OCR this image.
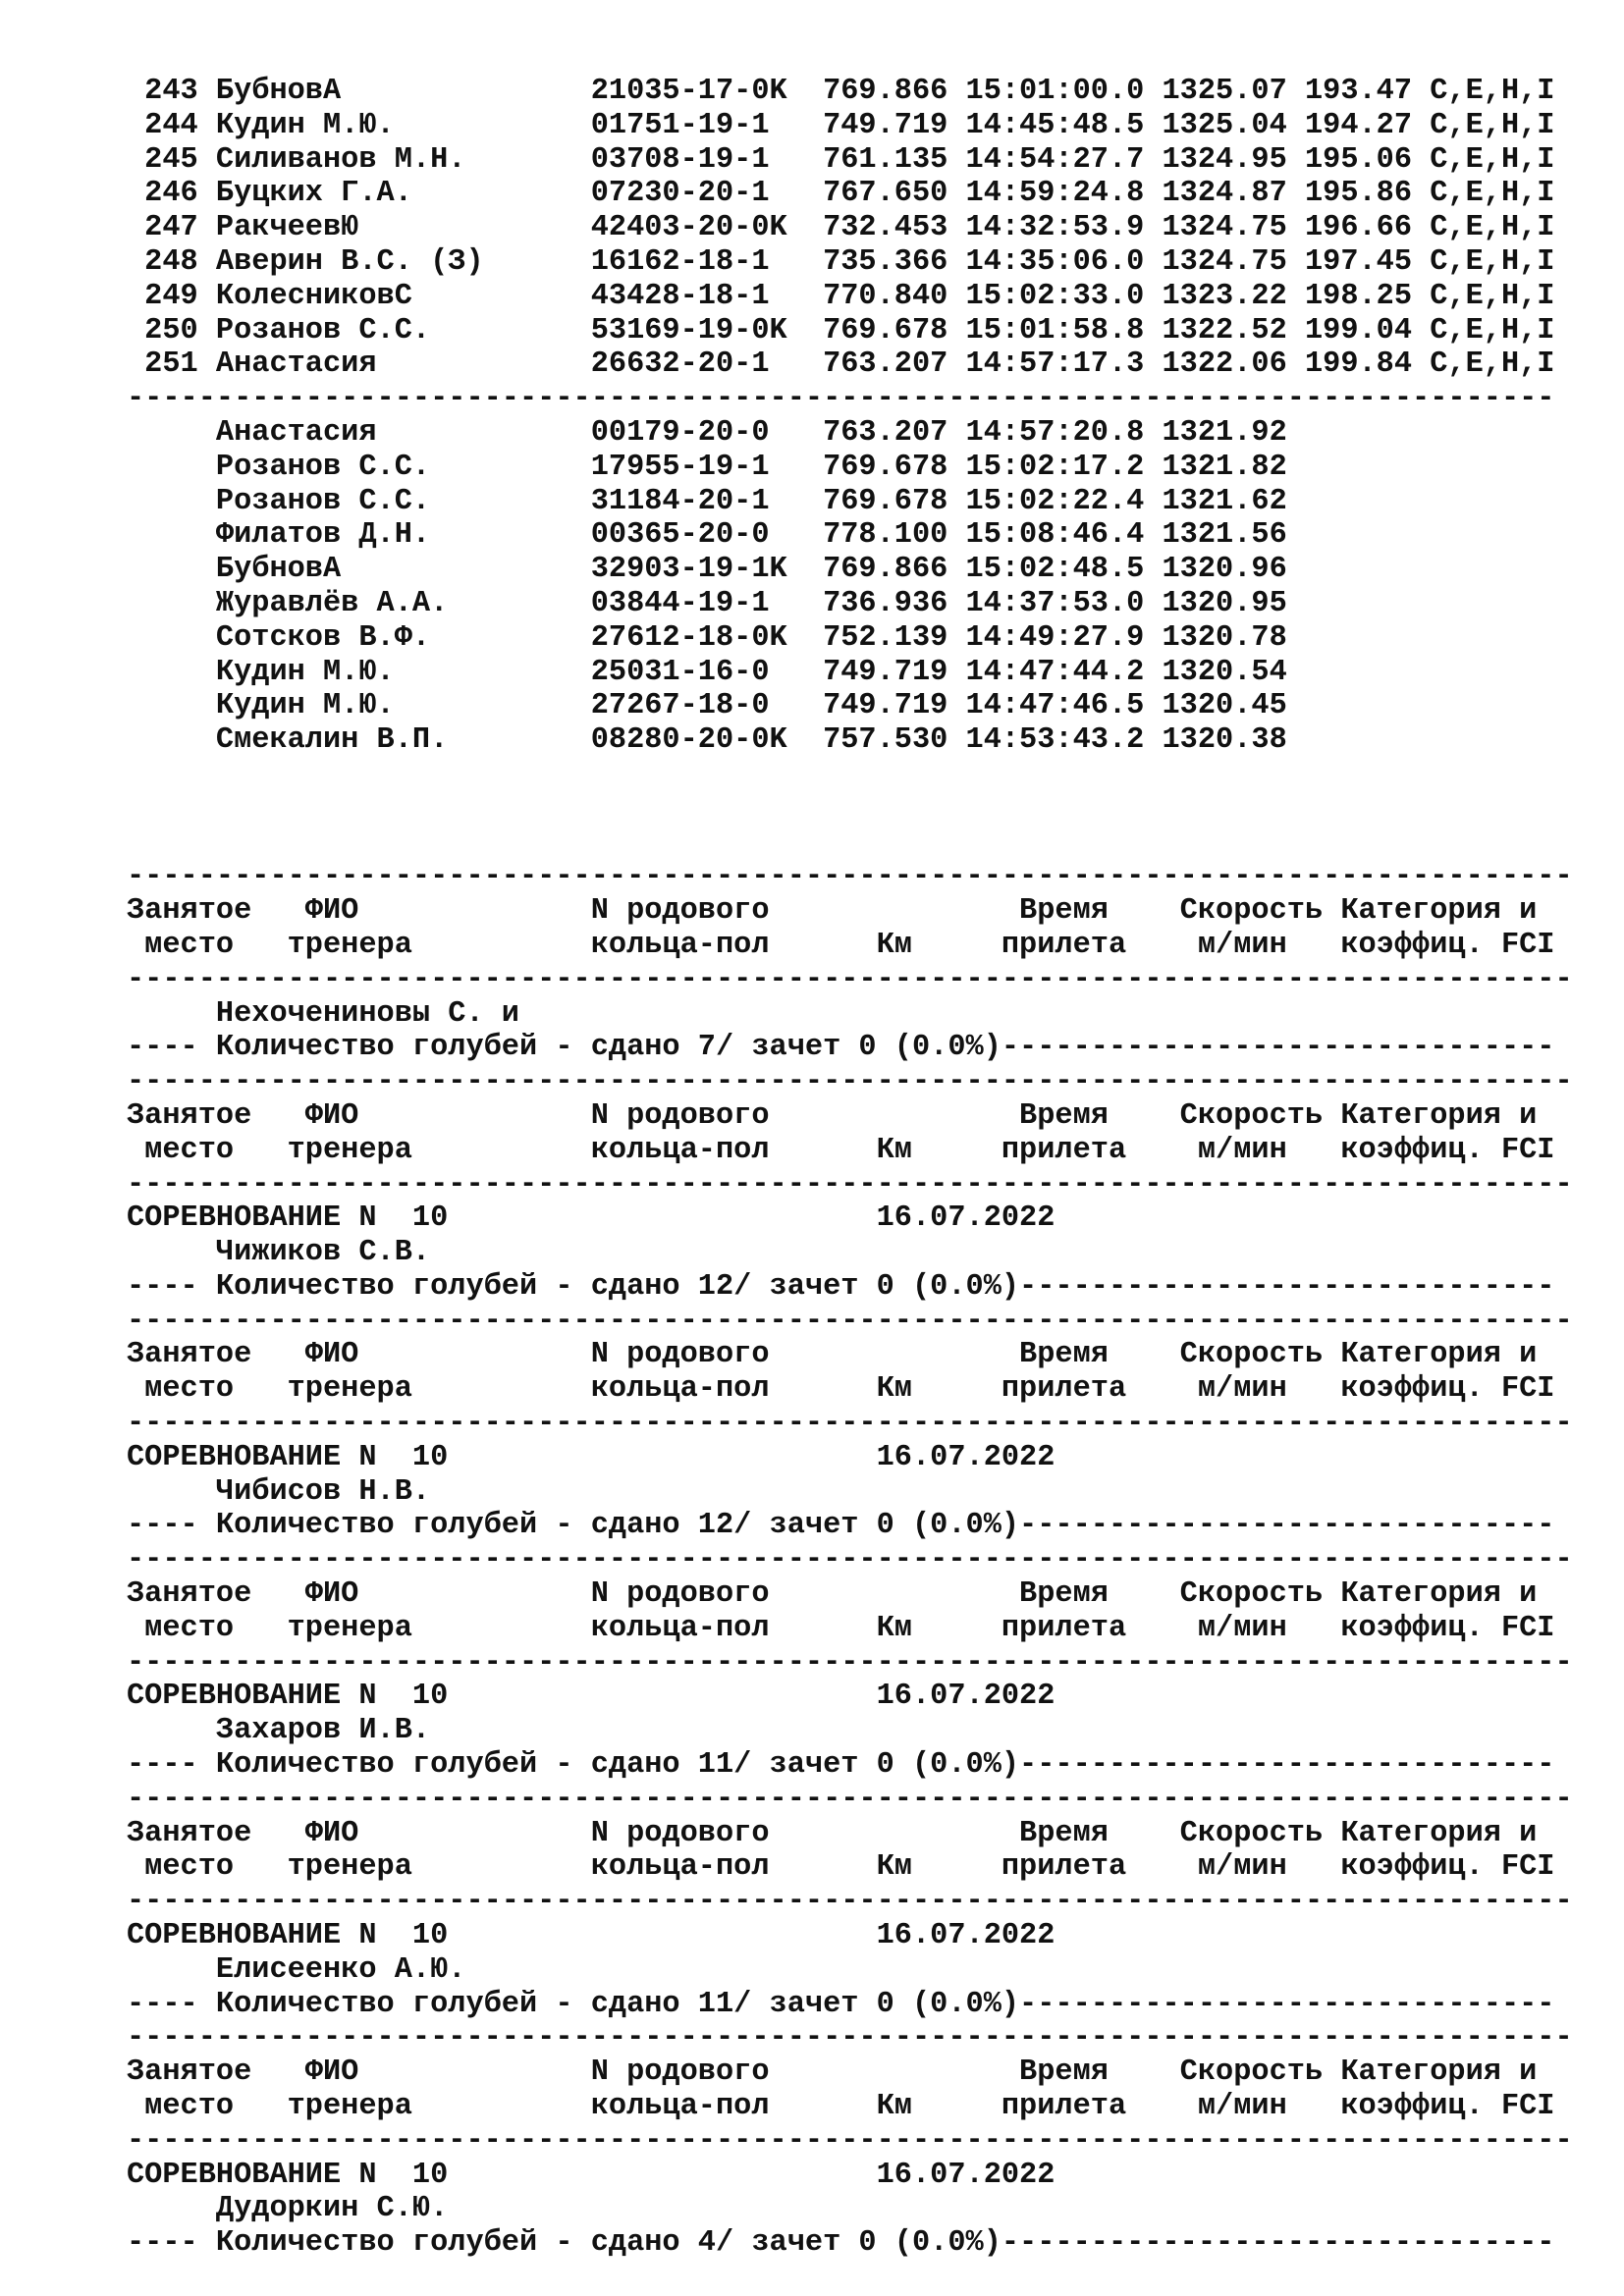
243 БубновА              21035-17-0K  769.866 15:01:00.0 1325.07 193.47 C,E,H,I
244 Кудин М.Ю.           01751-19-1   749.719 14:45:48.5 1325.04 194.27 C,E,H,I
245 Силиванов М.Н.       03708-19-1   761.135 14:54:27.7 1324.95 195.06 C,E,H,I
246 Буцких Г.А.          07230-20-1   767.650 14:59:24.8 1324.87 195.86 C,E,H,I
247 РакчеевЮ             42403-20-0K  732.453 14:32:53.9 1324.75 196.66 C,E,H,I
248 Аверин В.С. (З)      16162-18-1   735.366 14:35:06.0 1324.75 197.45 C,E,H,I
249 КолесниковС          43428-18-1   770.840 15:02:33.0 1323.22 198.25 C,E,H,I
250 Розанов С.С.         53169-19-0K  769.678 15:01:58.8 1322.52 199.04 C,E,H,I
251 Анастасия            26632-20-1   763.207 14:57:17.3 1322.06 199.84 C,E,H,I
--------------------------------------------------------------------------------
Анастасия            00179-20-0   763.207 14:57:20.8 1321.92
Розанов С.С.         17955-19-1   769.678 15:02:17.2 1321.82
Розанов С.С.         31184-20-1   769.678 15:02:22.4 1321.62
Филатов Д.Н.         00365-20-0   778.100 15:08:46.4 1321.56
БубновА              32903-19-1K  769.866 15:02:48.5 1320.96
Журавлёв А.А.        03844-19-1   736.936 14:37:53.0 1320.95
Сотсков В.Ф.         27612-18-0K  752.139 14:49:27.9 1320.78
Кудин М.Ю.           25031-16-0   749.719 14:47:44.2 1320.54
Кудин М.Ю.           27267-18-0   749.719 14:47:46.5 1320.45
Смекалин В.П.        08280-20-0K  757.530 14:53:43.2 1320.38
---------------------------------------------------------------------------------
Занятое   ФИО             N родового              Время    Скорость Категория и
место   тренера          кольца-пол      Км     прилета    м/мин   коэффиц. FCI
---------------------------------------------------------------------------------
Нехоченинoвы С. и
---- Количество голубей - сдано 7/ зачет 0 (0.0%)-------------------------------
---------------------------------------------------------------------------------
Занятое   ФИО             N родового              Время    Скорость Категория и
место   тренера          кольца-пол      Км     прилета    м/мин   коэффиц. FCI
---------------------------------------------------------------------------------
СОРЕВНОВАНИЕ N  10                        16.07.2022
Чижиков С.В.
---- Количество голубей - сдано 12/ зачет 0 (0.0%)------------------------------
---------------------------------------------------------------------------------
Занятое   ФИО             N родового              Время    Скорость Категория и
место   тренера          кольца-пол      Км     прилета    м/мин   коэффиц. FCI
---------------------------------------------------------------------------------
СОРЕВНОВАНИЕ N  10                        16.07.2022
Чибисов Н.В.
---- Количество голубей - сдано 12/ зачет 0 (0.0%)------------------------------
---------------------------------------------------------------------------------
Занятое   ФИО             N родового              Время    Скорость Категория и
место   тренера          кольца-пол      Км     прилета    м/мин   коэффиц. FCI
---------------------------------------------------------------------------------
СОРЕВНОВАНИЕ N  10                        16.07.2022
Захаров И.В.
---- Количество голубей - сдано 11/ зачет 0 (0.0%)------------------------------
---------------------------------------------------------------------------------
Занятое   ФИО             N родового              Время    Скорость Категория и
место   тренера          кольца-пол      Км     прилета    м/мин   коэффиц. FCI
---------------------------------------------------------------------------------
СОРЕВНОВАНИЕ N  10                        16.07.2022
Елисеенко А.Ю.
---- Количество голубей - сдано 11/ зачет 0 (0.0%)------------------------------
---------------------------------------------------------------------------------
Занятое   ФИО             N родового              Время    Скорость Категория и
место   тренера          кольца-пол      Км     прилета    м/мин   коэффиц. FCI
---------------------------------------------------------------------------------
СОРЕВНОВАНИЕ N  10                        16.07.2022
Дудоркин С.Ю.
---- Количество голубей - сдано 4/ зачет 0 (0.0%)-------------------------------
